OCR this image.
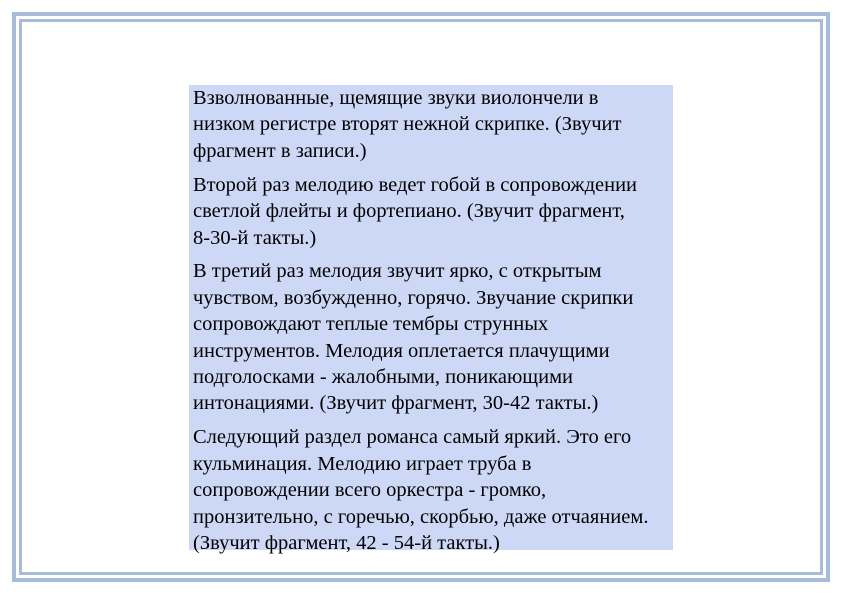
Взволнованные, щемящие звуки виолончели в
низком регистре вторят нежной скрипке. (Звучит
фрагмент в записи.)

Второй раз мелодию ведет гобой в сопровождении
светлой флейты и фортепиано. (Звучит фрагмент,
8-30-й такты.)

В третий раз мелодия звучит ярко, с открытым
чувством, возбужденно, горячо. Звучание скрипки
сопровождают теплые тембры струнных
инструментов. Мелодия оплетается плачущими
подголосками - жалобными, поникающими
интонациями. (Звучит фрагмент, 30-42 такты.)

Следующий раздел романса самый яркий. Это его
кульминация. Мелодию играет труба в
сопровождении всего оркестра - громко,
пронзительно, с горечью, скорбью, даже отчаянием.
(Звучит фрагмент, 42 - 54-й такты.)
